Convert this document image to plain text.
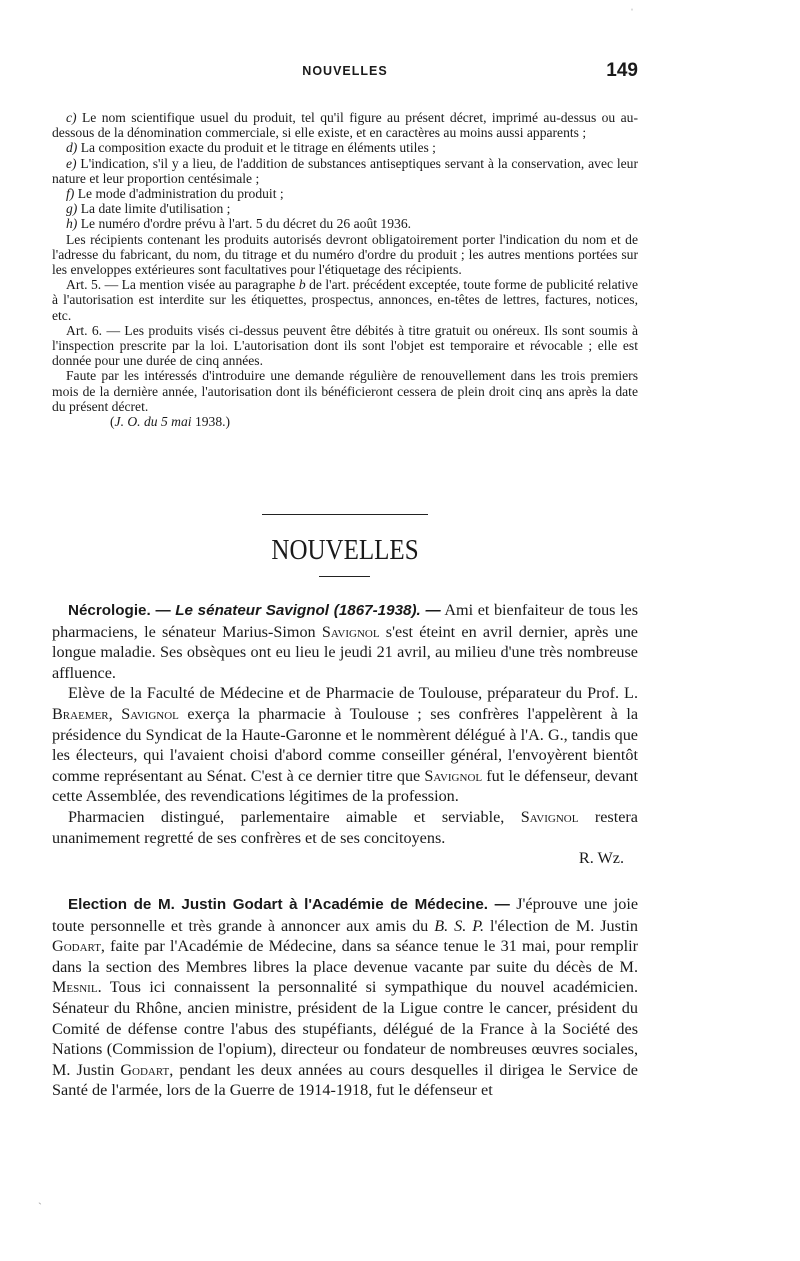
NOUVELLES	149

c) Le nom scientifique usuel du produit, tel qu'il figure au présent décret, imprimé au-dessus ou au-dessous de la dénomination commerciale, si elle existe, et en caractères au moins aussi apparents ;

d) La composition exacte du produit et le titrage en éléments utiles ;

e) L'indication, s'il y a lieu, de l'addition de substances antiseptiques servant à la conservation, avec leur nature et leur proportion centésimale ;

f) Le mode d'administration du produit ;

g) La date limite d'utilisation ;

h) Le numéro d'ordre prévu à l'art. 5 du décret du 26 août 1936.

Les récipients contenant les produits autorisés devront obligatoirement porter l'indication du nom et de l'adresse du fabricant, du nom, du titrage et du numéro d'ordre du produit ; les autres mentions portées sur les enveloppes extérieures sont facultatives pour l'étiquetage des récipients.

Art. 5. — La mention visée au paragraphe b de l'art. précédent exceptée, toute forme de publicité relative à l'autorisation est interdite sur les étiquettes, prospectus, annonces, en-têtes de lettres, factures, notices, etc.

Art. 6. — Les produits visés ci-dessus peuvent être débités à titre gratuit ou onéreux. Ils sont soumis à l'inspection prescrite par la loi. L'autorisation dont ils sont l'objet est temporaire et révocable ; elle est donnée pour une durée de cinq années.

Faute par les intéressés d'introduire une demande régulière de renouvellement dans les trois premiers mois de la dernière année, l'autorisation dont ils bénéficieront cessera de plein droit cinq ans après la date du présent décret.

(J. O. du 5 mai 1938.)

NOUVELLES

Nécrologie. — Le sénateur Savignol (1867-1938). — Ami et bienfaiteur de tous les pharmaciens, le sénateur Marius-Simon Savignol s'est éteint en avril dernier, après une longue maladie. Ses obsèques ont eu lieu le jeudi 21 avril, au milieu d'une très nombreuse affluence.

Elève de la Faculté de Médecine et de Pharmacie de Toulouse, préparateur du Prof. L. Braemer, Savignol exerça la pharmacie à Toulouse ; ses confrères l'appelèrent à la présidence du Syndicat de la Haute-Garonne et le nommèrent délégué à l'A. G., tandis que les électeurs, qui l'avaient choisi d'abord comme conseiller général, l'envoyèrent bientôt comme représentant au Sénat. C'est à ce dernier titre que Savignol fut le défenseur, devant cette Assemblée, des revendications légitimes de la profession.

Pharmacien distingué, parlementaire aimable et serviable, Savignol restera unanimement regretté de ses confrères et de ses concitoyens.

R. Wz.

Election de M. Justin Godart à l'Académie de Médecine. — J'éprouve une joie toute personnelle et très grande à annoncer aux amis du B. S. P. l'élection de M. Justin Godart, faite par l'Académie de Médecine, dans sa séance tenue le 31 mai, pour remplir dans la section des Membres libres la place devenue vacante par suite du décès de M. Mesnil. Tous ici connaissent la personnalité si sympathique du nouvel académicien. Sénateur du Rhône, ancien ministre, président de la Ligue contre le cancer, président du Comité de défense contre l'abus des stupéfiants, délégué de la France à la Société des Nations (Commission de l'opium), directeur ou fondateur de nombreuses œuvres sociales, M. Justin Godart, pendant les deux années au cours desquelles il dirigea le Service de Santé de l'armée, lors de la Guerre de 1914-1918, fut le défenseur et

ˈ
ˋ
